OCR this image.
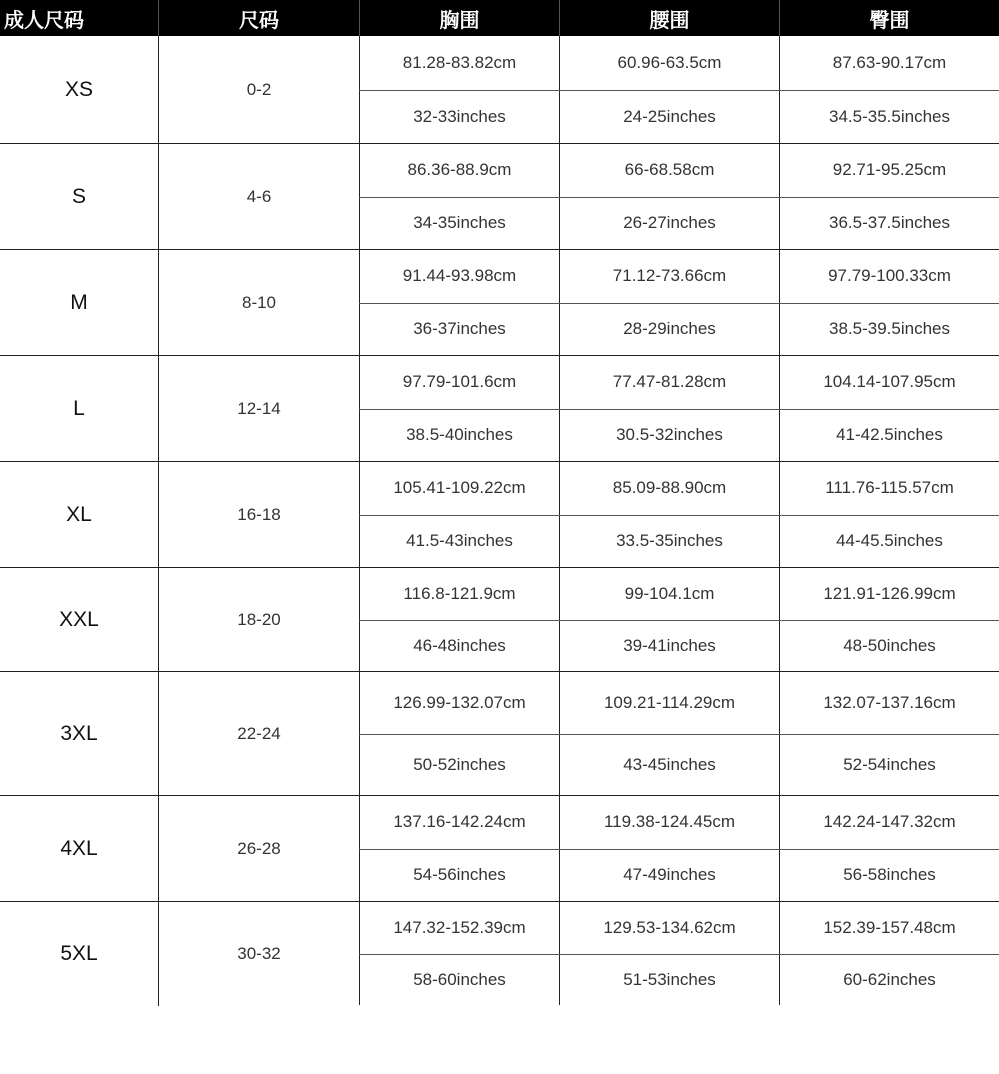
成人尺码	尺码	胸围	腰围	臀围
XS	0-2
81.28-83.82cm	60.96-63.5cm	87.63-90.17cm
32-33inches	24-25inches	34.5-35.5inches
S	4-6
86.36-88.9cm	66-68.58cm	92.71-95.25cm
34-35inches	26-27inches	36.5-37.5inches
M	8-10
91.44-93.98cm	71.12-73.66cm	97.79-100.33cm
36-37inches	28-29inches	38.5-39.5inches
L	12-14
97.79-101.6cm	77.47-81.28cm	104.14-107.95cm
38.5-40inches	30.5-32inches	41-42.5inches
XL	16-18
105.41-109.22cm	85.09-88.90cm	111.76-115.57cm
41.5-43inches	33.5-35inches	44-45.5inches
XXL	18-20
116.8-121.9cm	99-104.1cm	121.91-126.99cm
46-48inches	39-41inches	48-50inches
3XL	22-24
126.99-132.07cm	109.21-114.29cm	132.07-137.16cm
50-52inches	43-45inches	52-54inches
4XL	26-28
137.16-142.24cm	119.38-124.45cm	142.24-147.32cm
54-56inches	47-49inches	56-58inches
5XL	30-32
147.32-152.39cm	129.53-134.62cm	152.39-157.48cm
58-60inches	51-53inches	60-62inches
